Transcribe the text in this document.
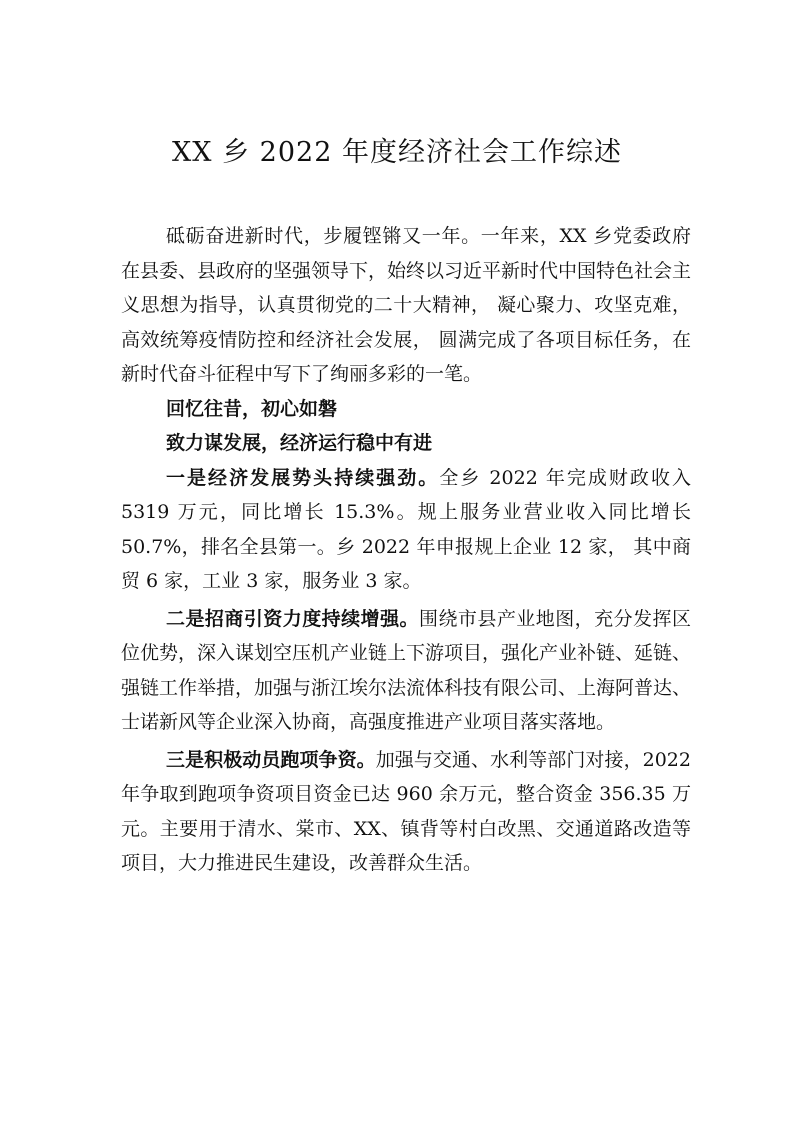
XX 乡 2022 年度经济社会工作综述

砥砺奋进新时代，步履铿锵又一年。一年来，XX 乡党委政府在县委、县政府的坚强领导下，始终以习近平新时代中国特色社会主义思想为指导，认真贯彻党的二十大精神， 凝心聚力、攻坚克难，高效统筹疫情防控和经济社会发展， 圆满完成了各项目标任务，在新时代奋斗征程中写下了绚丽多彩的一笔。

回忆往昔，初心如磐

致力谋发展，经济运行稳中有进

一是经济发展势头持续强劲。全乡 2022 年完成财政收入 5319 万元，同比增长 15.3%。规上服务业营业收入同比增长 50.7%，排名全县第一。乡 2022 年申报规上企业 12 家， 其中商贸 6 家，工业 3 家，服务业 3 家。

二是招商引资力度持续增强。围绕市县产业地图，充分发挥区位优势，深入谋划空压机产业链上下游项目，强化产业补链、延链、强链工作举措，加强与浙江埃尔法流体科技有限公司、上海阿普达、士诺新风等企业深入协商，高强度推进产业项目落实落地。

三是积极动员跑项争资。加强与交通、水利等部门对接，2022 年争取到跑项争资项目资金已达 960 余万元，整合资金 356.35 万元。主要用于清水、棠市、XX、镇背等村白改黑、交通道路改造等项目，大力推进民生建设，改善群众生活。
